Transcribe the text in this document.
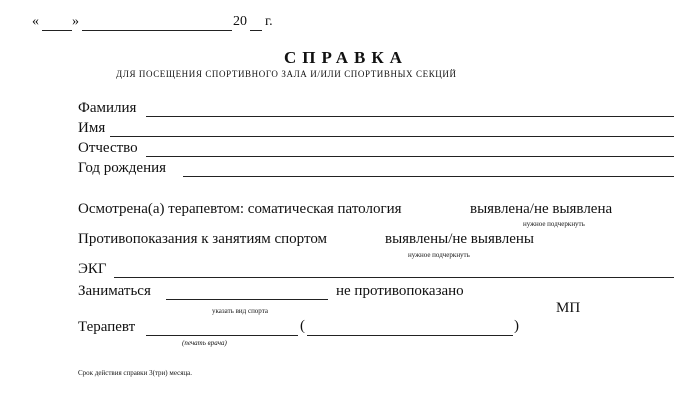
« »	20 г.
СПРАВКА
ДЛЯ ПОСЕЩЕНИЯ СПОРТИВНОГО ЗАЛА И/ИЛИ СПОРТИВНЫХ СЕКЦИЙ
Фамилия
Имя
Отчество
Год рождения
Осмотрена(а) терапевтом: соматическая патология	выявлена/не выявлена
нужное подчеркнуть
Противопоказания к занятиям спортом	выявлены/не выявлены
нужное подчеркнуть
ЭКГ
Заниматься	не противопоказано
указать вид спорта	МП
Терапевт	(	)
(печать врача)
Срок действия справки 3(три) месяца.
